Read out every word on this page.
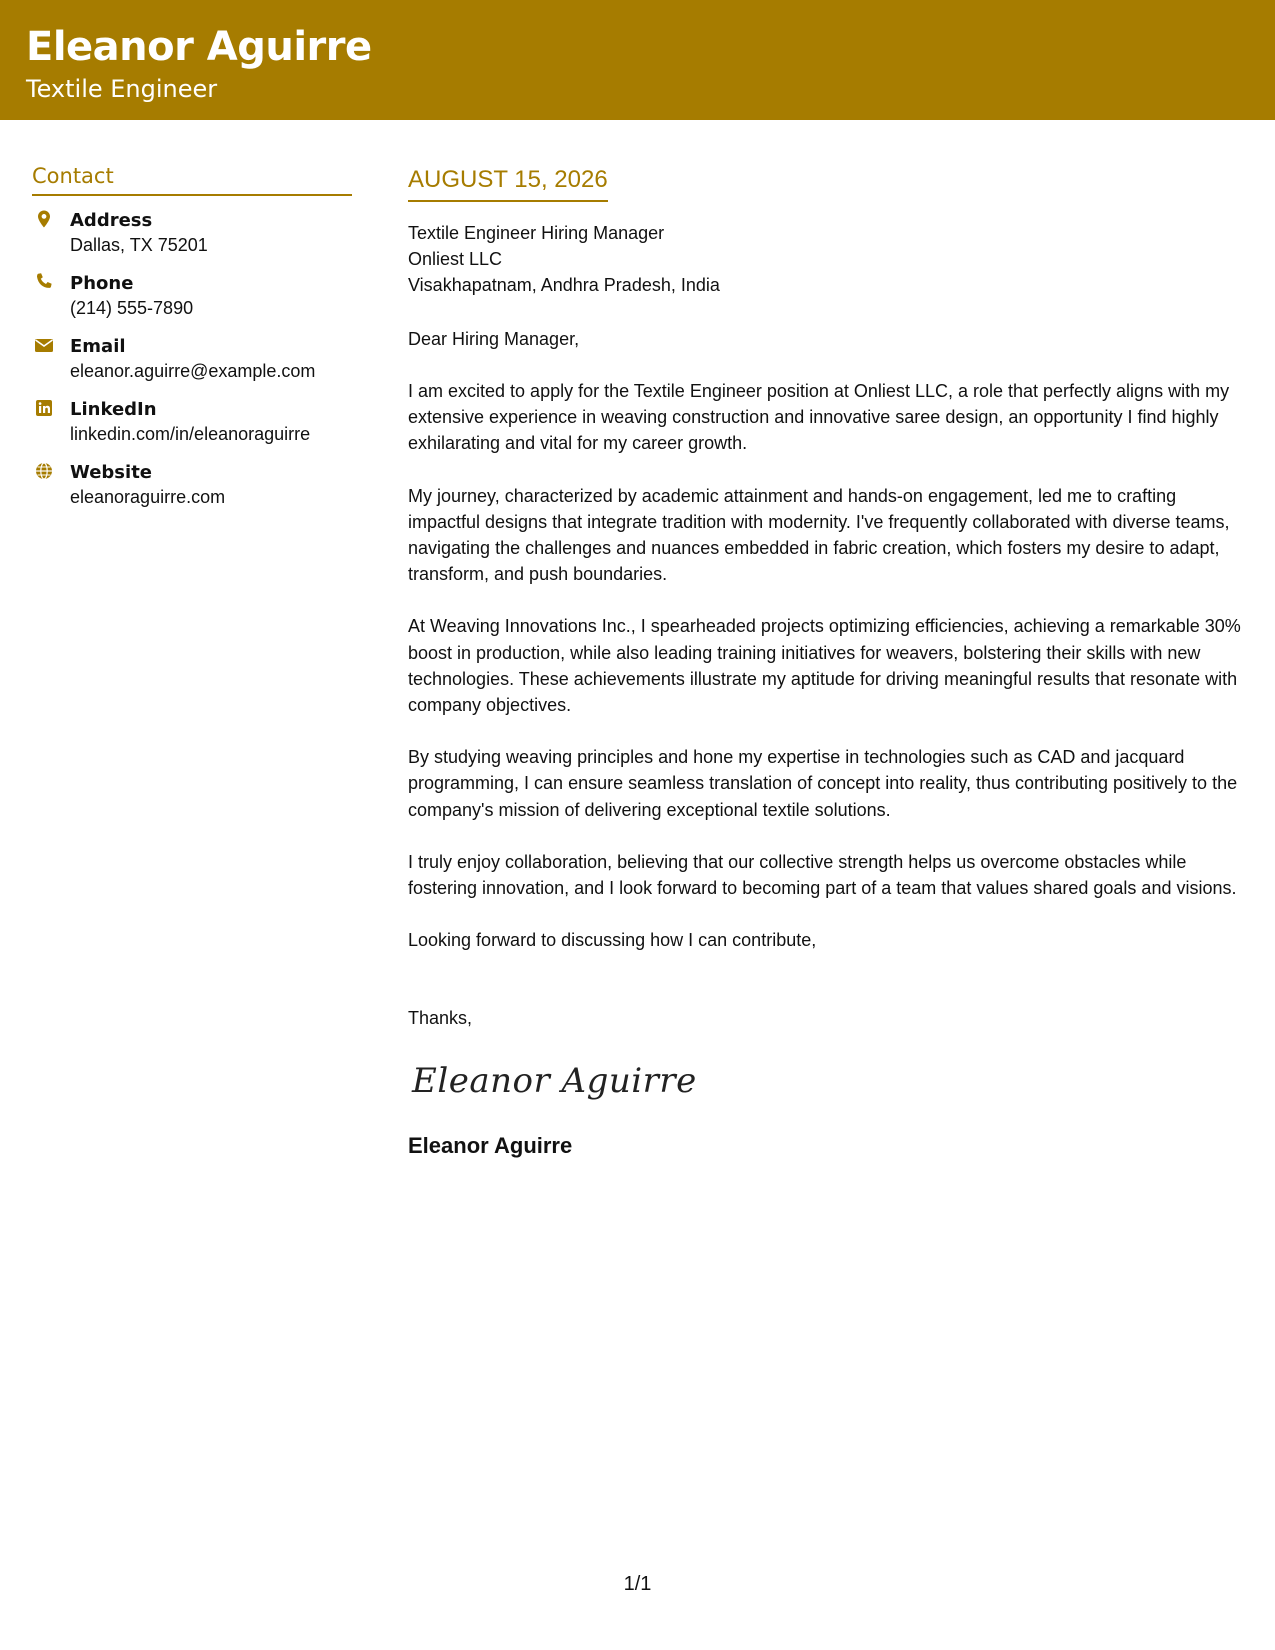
Eleanor Aguirre
Textile Engineer
Contact
Address
Dallas, TX 75201
Phone
(214) 555-7890
Email
eleanor.aguirre@example.com
LinkedIn
linkedin.com/in/eleanoraguirre
Website
eleanoraguirre.com
AUGUST 15, 2026
Textile Engineer Hiring Manager
Onliest LLC
Visakhapatnam, Andhra Pradesh, India
Dear Hiring Manager,
I am excited to apply for the Textile Engineer position at Onliest LLC, a role that perfectly aligns with my extensive experience in weaving construction and innovative saree design, an opportunity I find highly exhilarating and vital for my career growth.
My journey, characterized by academic attainment and hands-on engagement, led me to crafting impactful designs that integrate tradition with modernity. I've frequently collaborated with diverse teams, navigating the challenges and nuances embedded in fabric creation, which fosters my desire to adapt, transform, and push boundaries.
At Weaving Innovations Inc., I spearheaded projects optimizing efficiencies, achieving a remarkable 30% boost in production, while also leading training initiatives for weavers, bolstering their skills with new technologies. These achievements illustrate my aptitude for driving meaningful results that resonate with company objectives.
By studying weaving principles and hone my expertise in technologies such as CAD and jacquard programming, I can ensure seamless translation of concept into reality, thus contributing positively to the company's mission of delivering exceptional textile solutions.
I truly enjoy collaboration, believing that our collective strength helps us overcome obstacles while fostering innovation, and I look forward to becoming part of a team that values shared goals and visions.
Looking forward to discussing how I can contribute,
Thanks,
Eleanor Aguirre
Eleanor Aguirre
1/1
